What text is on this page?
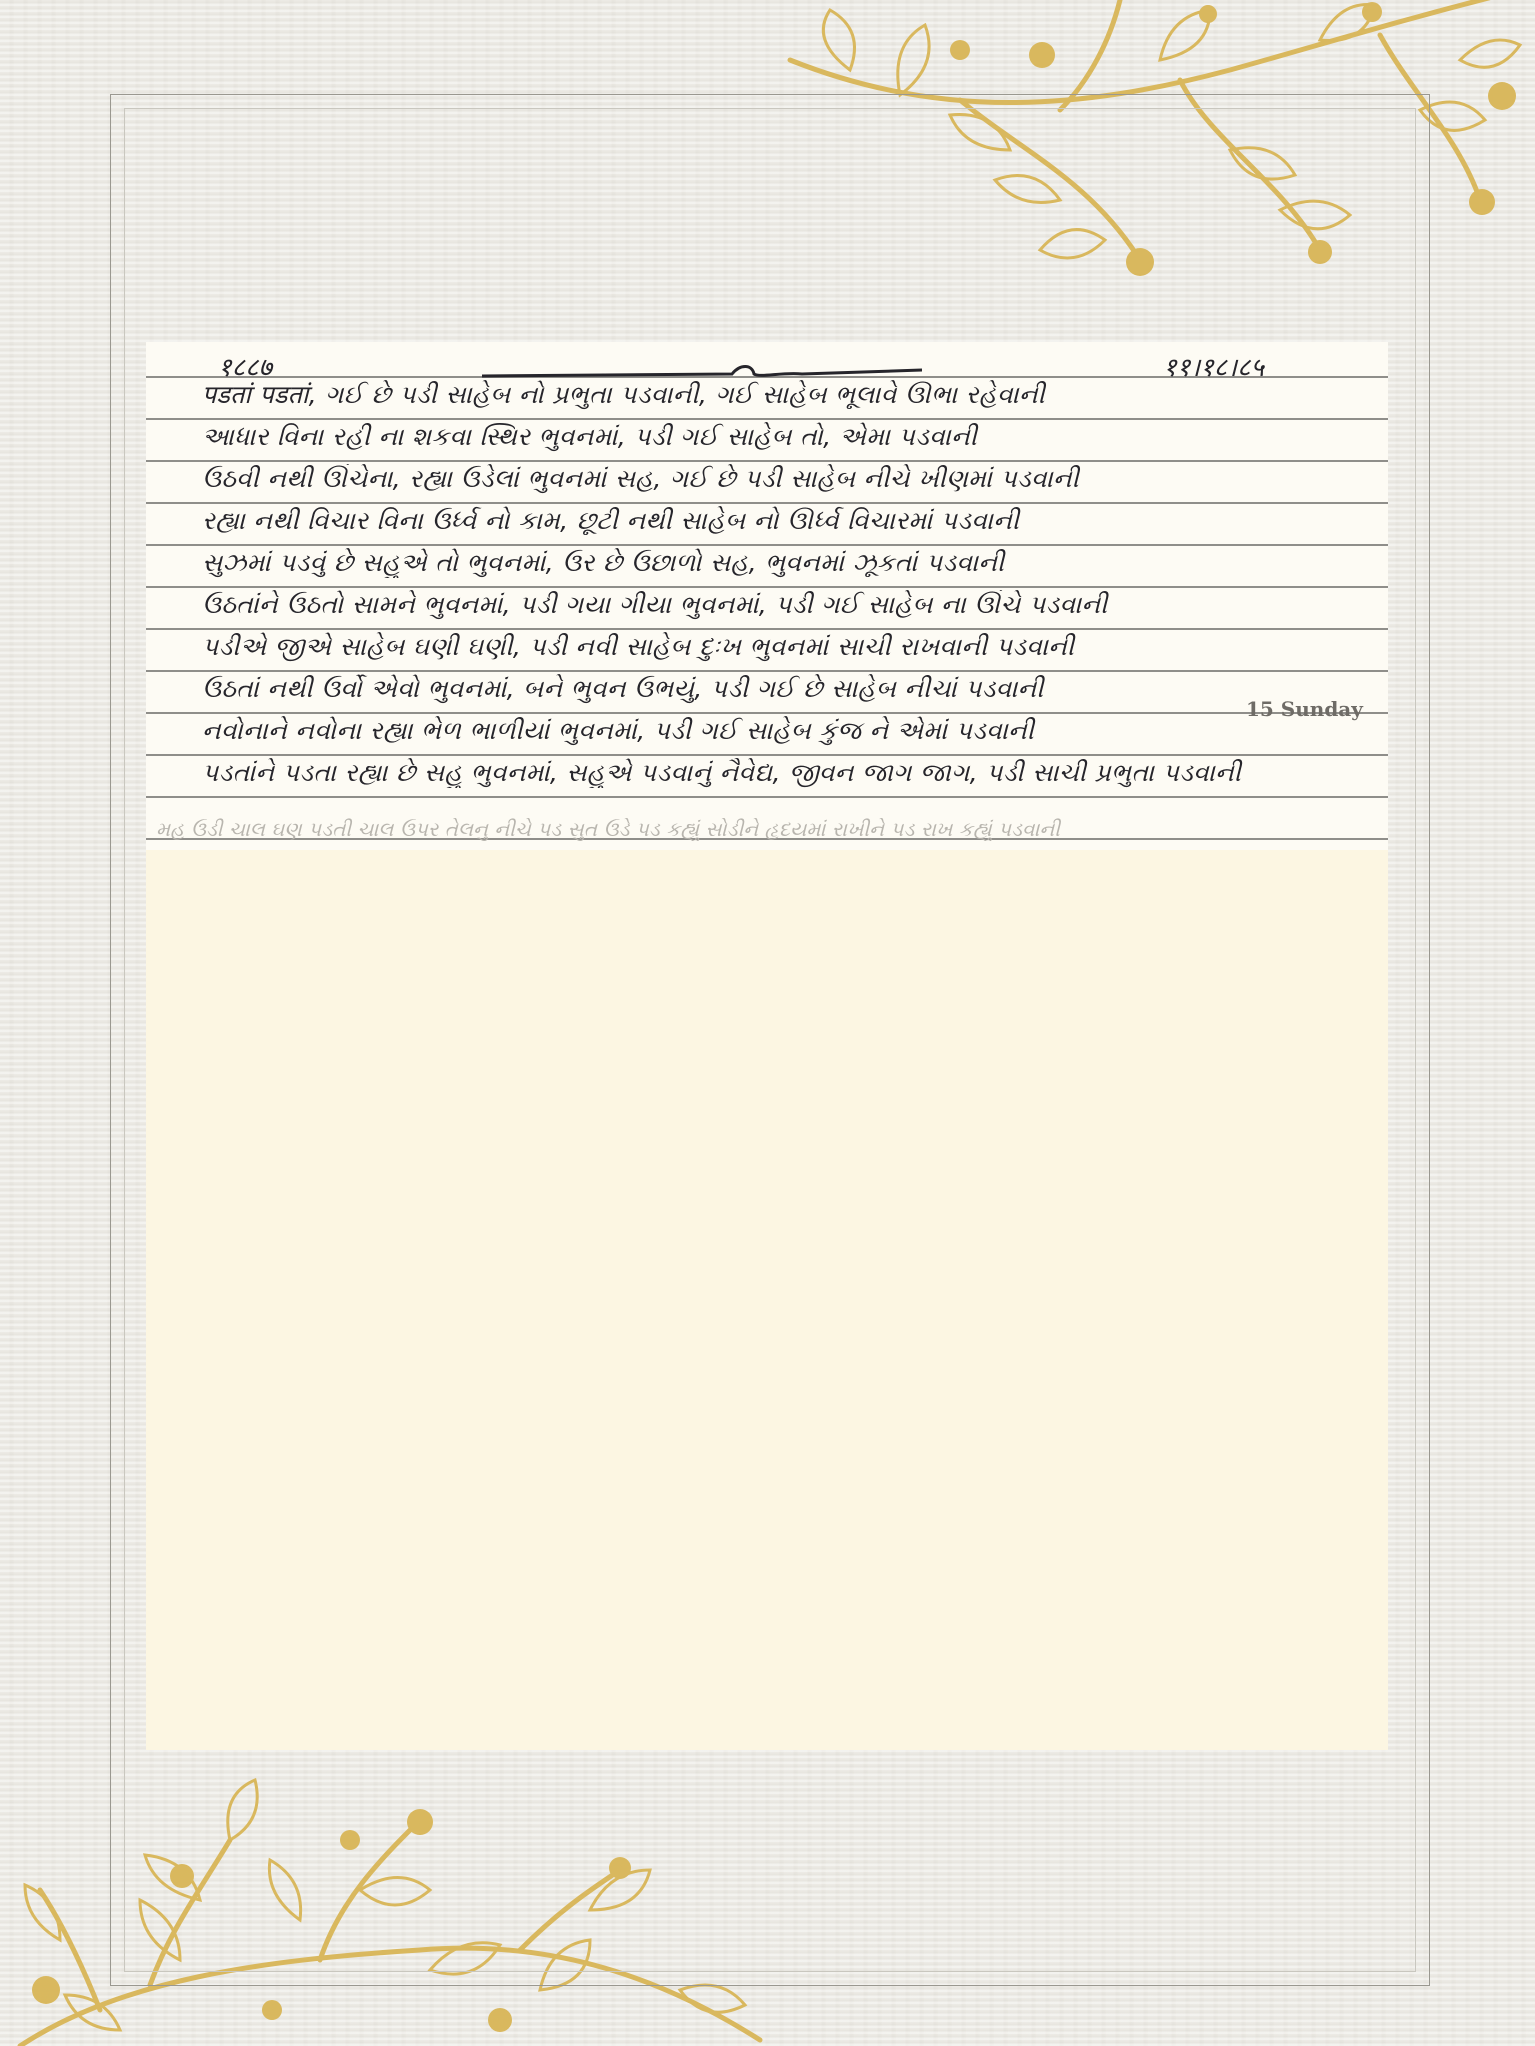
१८८७	११।१८।८५
पडतां पडतां, ગઈ છે પડી સાહેબ નો પ્રભુતા પડવાની, ગઈ સાહેબ ભૂલાવે ઊભા રહેવાની
આધાર વિના રહી ના શકવા સ્થિર ભુવનમાં, પડી ગઈ સાહેબ તો, એમા પડવાની
ઉઠવી નથી ઊંચેના, રહ્યા ઉડેલાં ભુવનમાં સહ, ગઈ છે પડી સાહેબ નીચે ખીણમાં પડવાની
રહ્યા નથી વિચાર વિના ઉર્ધ્વ નો કામ, છૂટી નથી સાહેબ નો ઊર્ધ્વ વિચારમાં પડવાની
સુઝમાં પડવું છે સહુએ તો ભુવનમાં, ઉર છે ઉછાળો સહ, ભુવનમાં ઝૂકતાં પડવાની
ઉઠતાંને ઉઠતો સામને ભુવનમાં, પડી ગયા ગીયા ભુવનમાં, પડી ગઈ સાહેબ ના ઊંચે પડવાની
પડીએ જીએ સાહેબ ઘણી ઘણી, પડી નવી સાહેબ દુઃખ ભુવનમાં સાચી રાખવાની પડવાની
ઉઠતાં નથી ઉર્વો એવો ભુવનમાં, બને ભુવન ઉભયું, પડી ગઈ છે સાહેબ નીચાં પડવાની
નવોનાને નવોના રહ્યા ભેળ ભાળીયાં ભુવનમાં, પડી ગઈ સાહેબ કુંજ ને એમાં પડવાની
પડતાંને પડતા રહ્યા છે સહુ ભુવનમાં, સહુએ પડવાનું નૈવેદ્ય, જીવન જાગ જાગ, પડી સાચી પ્રભુતા પડવાની
મહ ઉડી ચાલ ઘણ પડતી ચાલ ઉપર તેલનુ નીચે પડ સુત ઉડે પડ કહ્યું સોડીને હૃદયમાં રાખીને પડ રાખ કહ્યું પડવાની
15 Sunday
